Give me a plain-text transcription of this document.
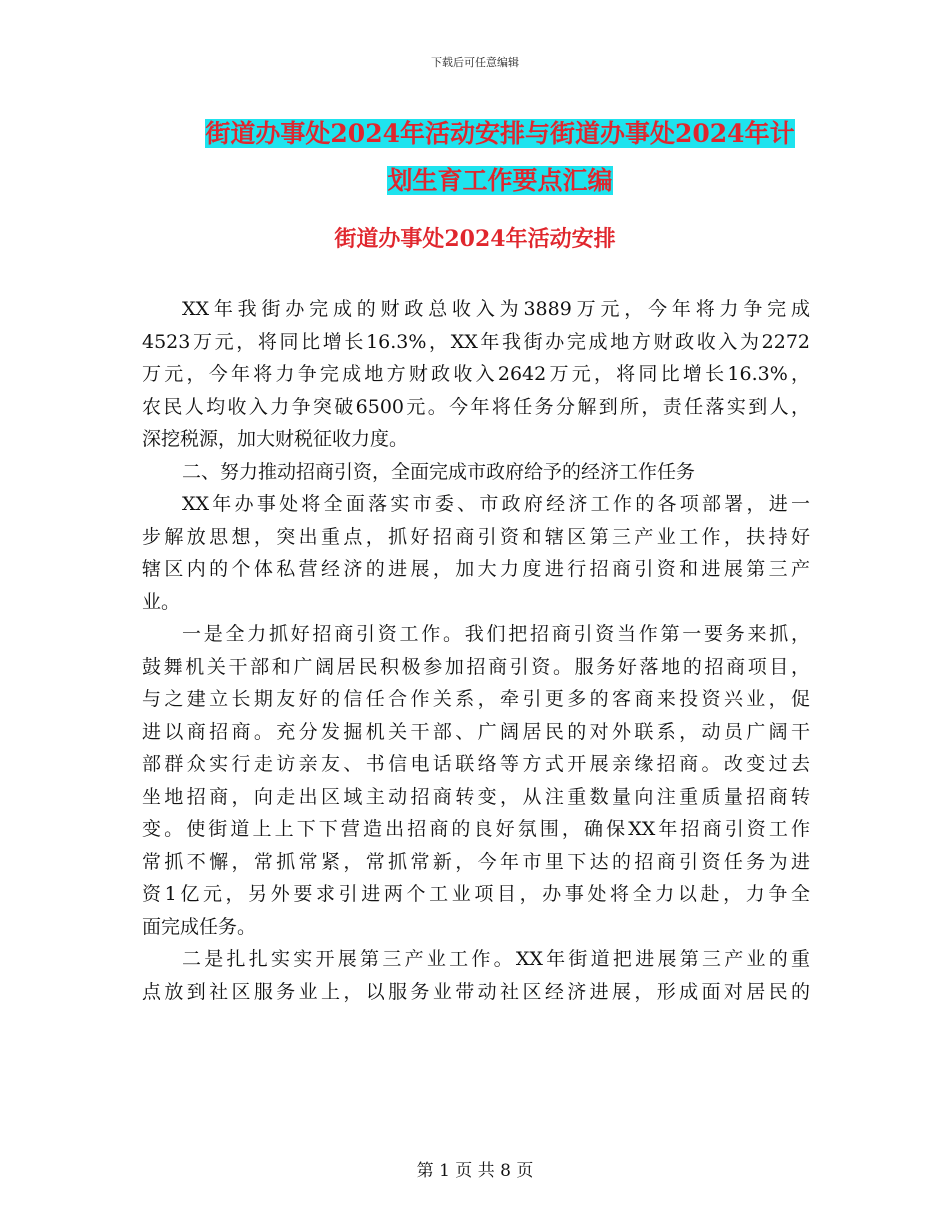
下载后可任意编辑
街道办事处2024年活动安排与街道办事处2024年计
划生育工作要点汇编
街道办事处2024年活动安排
XX年我街办完成的财政总收入为3889万元，今年将力争完成
4523万元，将同比增长16.3%，XX年我街办完成地方财政收入为2272
万元，今年将力争完成地方财政收入2642万元，将同比增长16.3%，
农民人均收入力争突破6500元。今年将任务分解到所，责任落实到人，
深挖税源，加大财税征收力度。
二、努力推动招商引资，全面完成市政府给予的经济工作任务
XX年办事处将全面落实市委、市政府经济工作的各项部署，进一
步解放思想，突出重点，抓好招商引资和辖区第三产业工作，扶持好
辖区内的个体私营经济的进展，加大力度进行招商引资和进展第三产
业。
一是全力抓好招商引资工作。我们把招商引资当作第一要务来抓，
鼓舞机关干部和广阔居民积极参加招商引资。服务好落地的招商项目，
与之建立长期友好的信任合作关系，牵引更多的客商来投资兴业，促
进以商招商。充分发掘机关干部、广阔居民的对外联系，动员广阔干
部群众实行走访亲友、书信电话联络等方式开展亲缘招商。改变过去
坐地招商，向走出区域主动招商转变，从注重数量向注重质量招商转
变。使街道上上下下营造出招商的良好氛围，确保XX年招商引资工作
常抓不懈，常抓常紧，常抓常新，今年市里下达的招商引资任务为进
资1亿元，另外要求引进两个工业项目，办事处将全力以赴，力争全
面完成任务。
二是扎扎实实开展第三产业工作。XX年街道把进展第三产业的重
点放到社区服务业上，以服务业带动社区经济进展，形成面对居民的
第 1 页 共 8 页
